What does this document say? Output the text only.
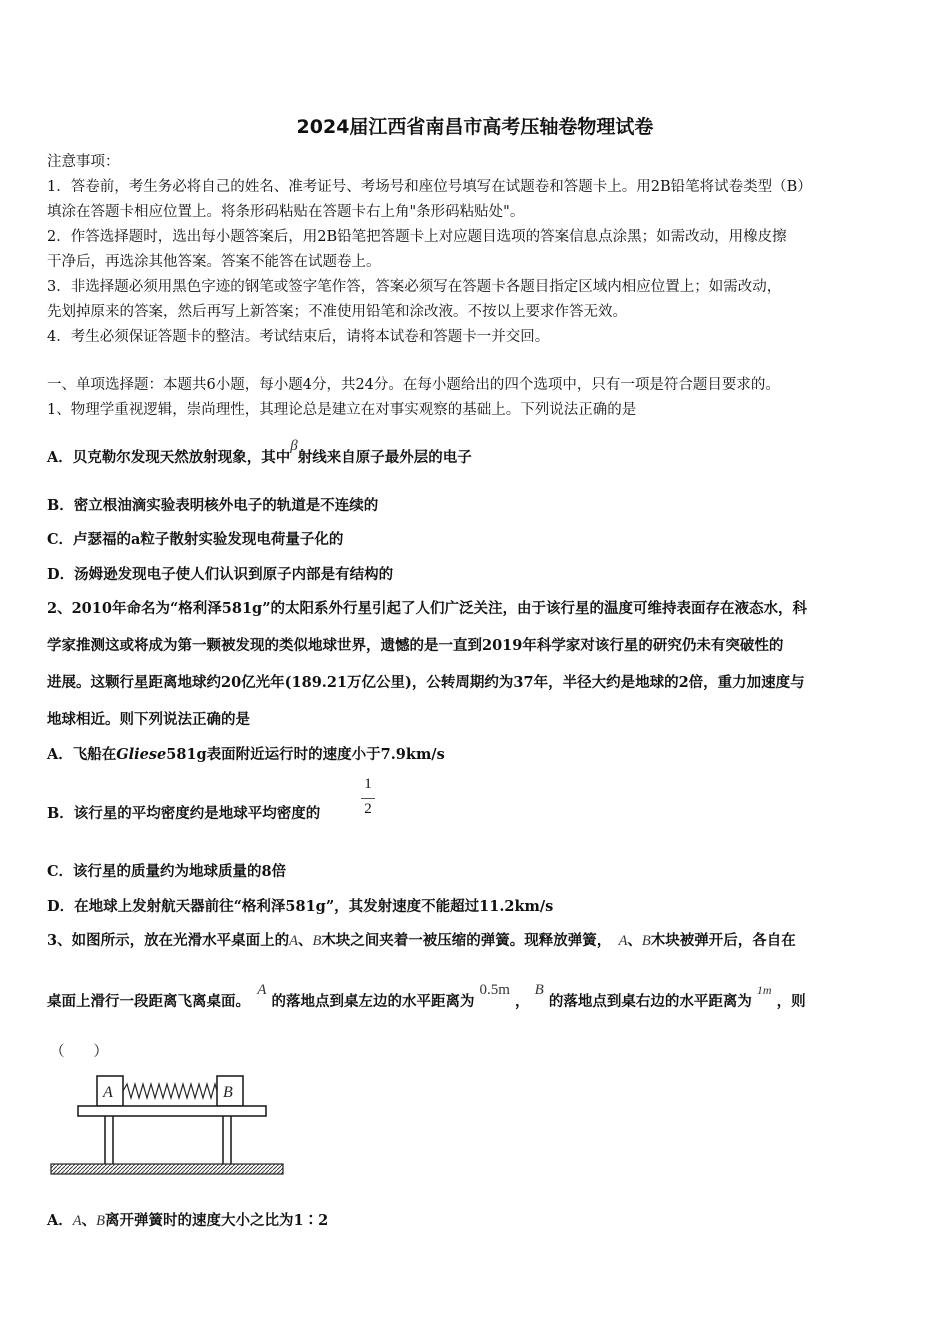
2024届江西省南昌市高考压轴卷物理试卷
注意事项：
1．答卷前，考生务必将自己的姓名、准考证号、考场号和座位号填写在试题卷和答题卡上。用2B铅笔将试卷类型（B）
填涂在答题卡相应位置上。将条形码粘贴在答题卡右上角"条形码粘贴处"。
2．作答选择题时，选出每小题答案后，用2B铅笔把答题卡上对应题目选项的答案信息点涂黑；如需改动，用橡皮擦
干净后，再选涂其他答案。答案不能答在试题卷上。
3．非选择题必须用黑色字迹的钢笔或签字笔作答，答案必须写在答题卡各题目指定区域内相应位置上；如需改动，
先划掉原来的答案，然后再写上新答案；不准使用铅笔和涂改液。不按以上要求作答无效。
4．考生必须保证答题卡的整洁。考试结束后，请将本试卷和答题卡一并交回。
一、单项选择题：本题共6小题，每小题4分，共24分。在每小题给出的四个选项中，只有一项是符合题目要求的。
1、物理学重视逻辑，崇尚理性，其理论总是建立在对事实观察的基础上。下列说法正确的是
A．贝克勒尔发现天然放射现象，其中β射线来自原子最外层的电子
B．密立根油滴实验表明核外电子的轨道是不连续的
C．卢瑟福的a粒子散射实验发现电荷量子化的
D．汤姆逊发现电子使人们认识到原子内部是有结构的
2、2010年命名为“格利泽581g”的太阳系外行星引起了人们广泛关注，由于该行星的温度可维持表面存在液态水，科
学家推测这或将成为第一颗被发现的类似地球世界，遗憾的是一直到2019年科学家对该行星的研究仍未有突破性的
进展。这颗行星距离地球约20亿光年(189.21万亿公里)，公转周期约为37年，半径大约是地球的2倍，重力加速度与
地球相近。则下列说法正确的是
A．飞船在Gliese581g表面附近运行时的速度小于7.9km/s
B．该行星的平均密度约是地球平均密度的
1
2
C．该行星的质量约为地球质量的8倍
D．在地球上发射航天器前往“格利泽581g”，其发射速度不能超过11.2km/s
3、如图所示，放在光滑水平桌面上的A、B木块之间夹着一被压缩的弹簧。现释放弹簧，　 A、B木块被弹开后，各自在
桌面上滑行一段距离飞离桌面。　A 的落地点到桌左边的水平距离为 0.5m ， B 的落地点到桌右边的水平距离为 $^{1m}$ ，则
（　　）
A	B
A．A、B离开弹簧时的速度大小之比为1∶2
